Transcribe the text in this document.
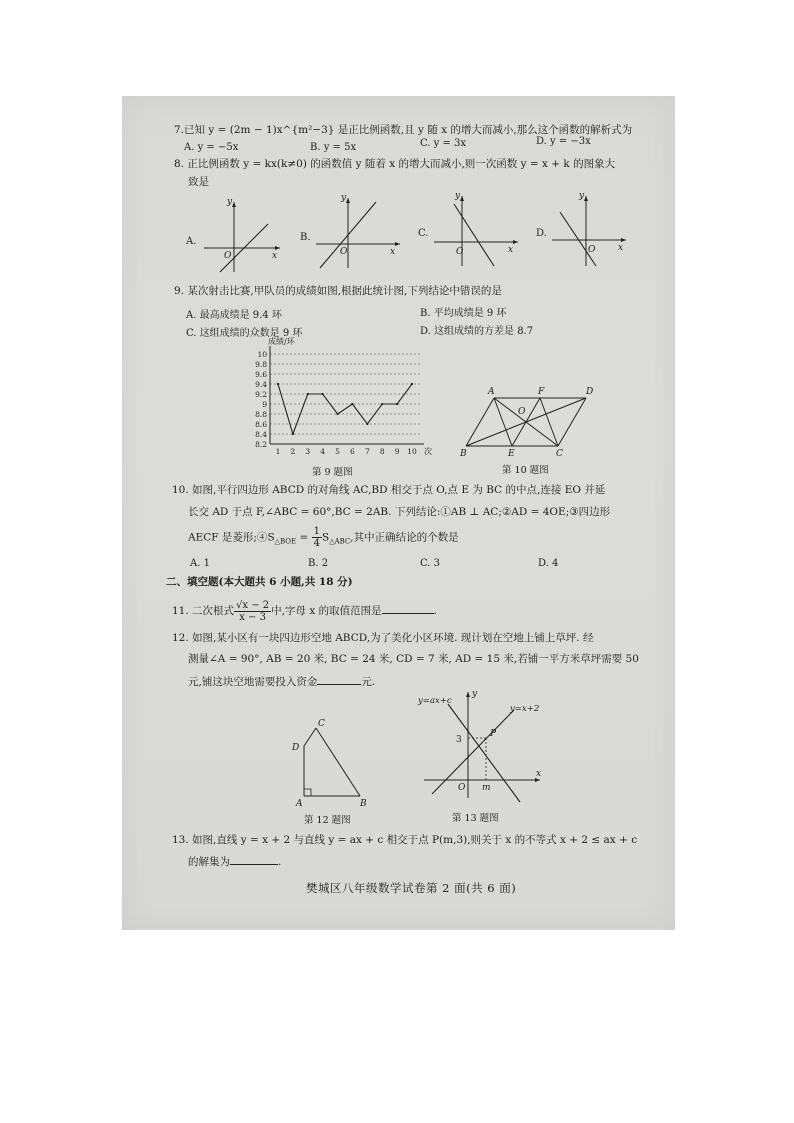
7.已知 y = (2m − 1)x^{m²−3} 是正比例函数,且 y 随 x 的增大而减小,那么这个函数的解析式为
A. y = −5x	B. y = 5x	C. y = 3x	D. y = −3x
8. 正比例函数 y = kx(k≠0) 的函数值 y 随着 x 的增大而减小,则一次函数 y = x + k 的图象大
致是
A.
x
y
O
B.
x
y
O
C.
x
y
O
D.
x
y
O
9. 某次射击比赛,甲队员的成绩如图,根据此统计图,下列结论中错误的是
A. 最高成绩是 9.4 环	B. 平均成绩是 9 环
C. 这组成绩的众数是 9 环	D. 这组成绩的方差是 8.7
8.2
8.4
8.6
8.8
9
9.2
9.4
9.6
9.8
10
1 2 3 4 5 6 7 8 9 10
成绩/环
次
第 9 题图
A	F	D
O
B	E	C
第 10 题图
10. 如图,平行四边形 ABCD 的对角线 AC,BD 相交于点 O,点 E 为 BC 的中点,连接 EO 并延
长交 AD 于点 F,∠ABC = 60°,BC = 2AB. 下列结论:①AB ⊥ AC;②AD = 4OE;③四边形
AECF 是菱形$;④S_{\triangle BOE} = \frac{1}{4} S_{\triangle ABC}$,其中正确结论的个数是
A. 1	B. 2	C. 3	D. 4
二、填空题(本大题共 6 小题,共 18 分)
11. 二次根式 $\frac{√x - 2}{x - 3}$ 中,字母 x 的取值范围是	.
12. 如图,某小区有一块四边形空地 ABCD,为了美化小区环境. 现计划在空地上铺上草坪. 经
测量∠A = 90°, AB = 20 米, BC = 24 米, CD = 7 米, AD = 15 米,若铺一平方米草坪需要 50
元,铺这块空地需要投入资金	元.
C
D
A	B
第 12 题图
y=ax+c
y=x+2
3
P
m
O
x
y
第 13 题图
13. 如图,直线 y = x + 2 与直线 y = ax + c 相交于点 P(m,3),则关于 x 的不等式 x + 2 ≤ ax + c
的解集为	.
樊城区八年级数学试卷第 2 面(共 6 面)
